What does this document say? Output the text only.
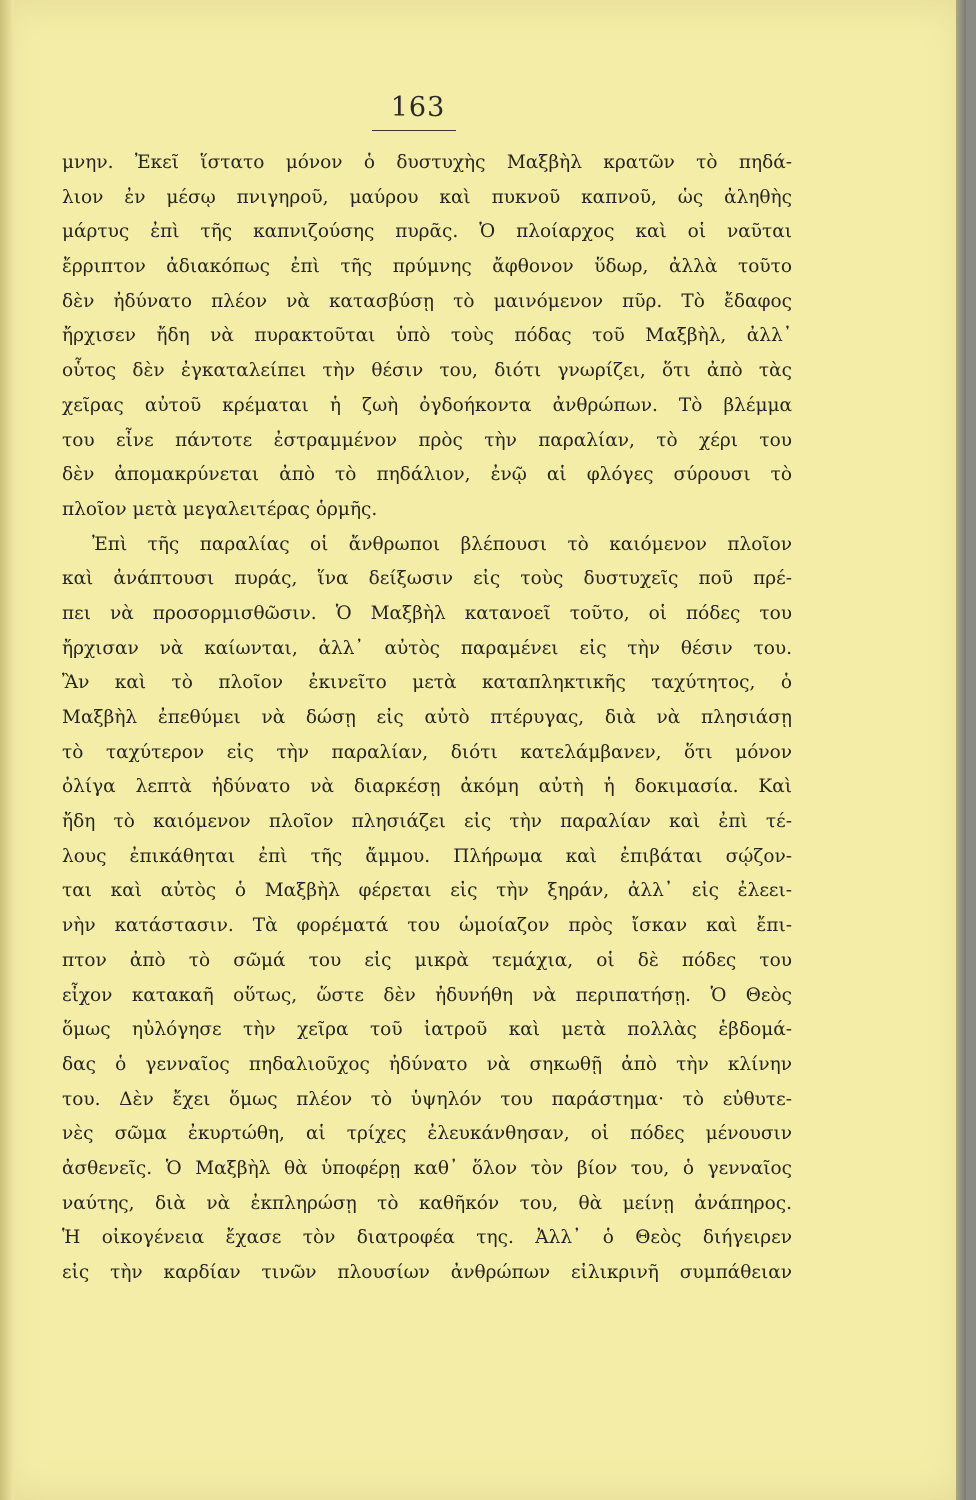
163
μνην. Ἐκεῖ ἵστατο μόνον ὁ δυστυχὴς Μαξβὴλ κρατῶν τὸ πηδά-
λιον ἐν μέσῳ πνιγηροῦ, μαύρου καὶ πυκνοῦ καπνοῦ, ὡς ἀληθὴς
μάρτυς ἐπὶ τῆς καπνιζούσης πυρᾶς. Ὁ πλοίαρχος καὶ οἱ ναῦται
ἔρριπτον ἀδιακόπως ἐπὶ τῆς πρύμνης ἄφθονον ὕδωρ, ἀλλὰ τοῦτο
δὲν ἠδύνατο πλέον νὰ κατασβύσῃ τὸ μαινόμενον πῦρ. Τὸ ἔδαφος
ἤρχισεν ἤδη νὰ πυρακτοῦται ὑπὸ τοὺς πόδας τοῦ Μαξβὴλ, ἀλλ᾿
οὗτος δὲν ἐγκαταλείπει τὴν θέσιν του, διότι γνωρίζει, ὅτι ἀπὸ τὰς
χεῖρας αὐτοῦ κρέμαται ἡ ζωὴ ὀγδοήκοντα ἀνθρώπων. Τὸ βλέμμα
του εἶνε πάντοτε ἐστραμμένον πρὸς τὴν παραλίαν, τὸ χέρι του
δὲν ἀπομακρύνεται ἀπὸ τὸ πηδάλιον, ἐνῷ αἱ φλόγες σύρουσι τὸ
πλοῖον μετὰ μεγαλειτέρας ὁρμῆς.
Ἐπὶ τῆς παραλίας οἱ ἄνθρωποι βλέπουσι τὸ καιόμενον πλοῖον
καὶ ἀνάπτουσι πυράς, ἵνα δείξωσιν εἰς τοὺς δυστυχεῖς ποῦ πρέ-
πει νὰ προσορμισθῶσιν. Ὁ Μαξβὴλ κατανοεῖ τοῦτο, οἱ πόδες του
ἤρχισαν νὰ καίωνται, ἀλλ᾿ αὐτὸς παραμένει εἰς τὴν θέσιν του.
Ἂν καὶ τὸ πλοῖον ἐκινεῖτο μετὰ καταπληκτικῆς ταχύτητος, ὁ
Μαξβὴλ ἐπεθύμει νὰ δώσῃ εἰς αὐτὸ πτέρυγας, διὰ νὰ πλησιάσῃ
τὸ ταχύτερον εἰς τὴν παραλίαν, διότι κατελάμβανεν, ὅτι μόνον
ὀλίγα λεπτὰ ἠδύνατο νὰ διαρκέσῃ ἀκόμη αὐτὴ ἡ δοκιμασία. Καὶ
ἤδη τὸ καιόμενον πλοῖον πλησιάζει εἰς τὴν παραλίαν καὶ ἐπὶ τέ-
λους ἐπικάθηται ἐπὶ τῆς ἄμμου. Πλήρωμα καὶ ἐπιβάται σῴζον-
ται καὶ αὐτὸς ὁ Μαξβὴλ φέρεται εἰς τὴν ξηράν, ἀλλ᾿ εἰς ἐλεει-
νὴν κατάστασιν. Τὰ φορέματά του ὡμοίαζον πρὸς ἴσκαν καὶ ἔπι-
πτον ἀπὸ τὸ σῶμά του εἰς μικρὰ τεμάχια, οἱ δὲ πόδες του
εἶχον κατακαῆ οὕτως, ὥστε δὲν ἠδυνήθη νὰ περιπατήσῃ. Ὁ Θεὸς
ὅμως ηὐλόγησε τὴν χεῖρα τοῦ ἰατροῦ καὶ μετὰ πολλὰς ἑβδομά-
δας ὁ γενναῖος πηδαλιοῦχος ἠδύνατο νὰ σηκωθῇ ἀπὸ τὴν κλίνην
του. Δὲν ἔχει ὅμως πλέον τὸ ὑψηλόν του παράστημα· τὸ εὐθυτε-
νὲς σῶμα ἐκυρτώθη, αἱ τρίχες ἐλευκάνθησαν, οἱ πόδες μένουσιν
ἀσθενεῖς. Ὁ Μαξβὴλ θὰ ὑποφέρῃ καθ᾿ ὅλον τὸν βίον του, ὁ γενναῖος
ναύτης, διὰ νὰ ἐκπληρώσῃ τὸ καθῆκόν του, θὰ μείνῃ ἀνάπηρος.
Ἡ οἰκογένεια ἔχασε τὸν διατροφέα της. Ἀλλ᾿ ὁ Θεὸς διήγειρεν
εἰς τὴν καρδίαν τινῶν πλουσίων ἀνθρώπων εἰλικρινῆ συμπάθειαν
